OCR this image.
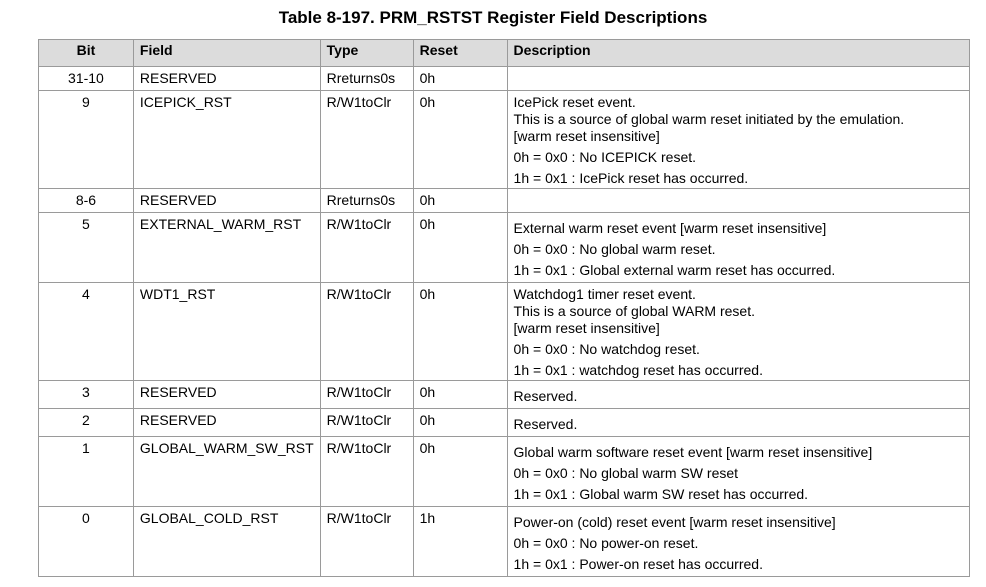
Table 8-197. PRM_RSTST Register Field Descriptions
Bit	Field	Type	Reset	Description
31-10	RESERVED	Rreturns0s	0h	
9	ICEPICK_RST	R/W1toClr	0h	IcePick reset event.
This is a source of global warm reset initiated by the emulation.
[warm reset insensitive]
0h = 0x0 : No ICEPICK reset.
1h = 0x1 : IcePick reset has occurred.

8-6	RESERVED	Rreturns0s	0h	
5	EXTERNAL_WARM_RST	R/W1toClr	0h	External warm reset event [warm reset insensitive]
0h = 0x0 : No global warm reset.
1h = 0x1 : Global external warm reset has occurred.

4	WDT1_RST	R/W1toClr	0h	Watchdog1 timer reset event.
This is a source of global WARM reset.
[warm reset insensitive]
0h = 0x0 : No watchdog reset.
1h = 0x1 : watchdog reset has occurred.

3	RESERVED	R/W1toClr	0h	Reserved.

2	RESERVED	R/W1toClr	0h	Reserved.

1	GLOBAL_WARM_SW_RST	R/W1toClr	0h	Global warm software reset event [warm reset insensitive]
0h = 0x0 : No global warm SW reset
1h = 0x1 : Global warm SW reset has occurred.

0	GLOBAL_COLD_RST	R/W1toClr	1h	Power-on (cold) reset event [warm reset insensitive]
0h = 0x0 : No power-on reset.
1h = 0x1 : Power-on reset has occurred.
